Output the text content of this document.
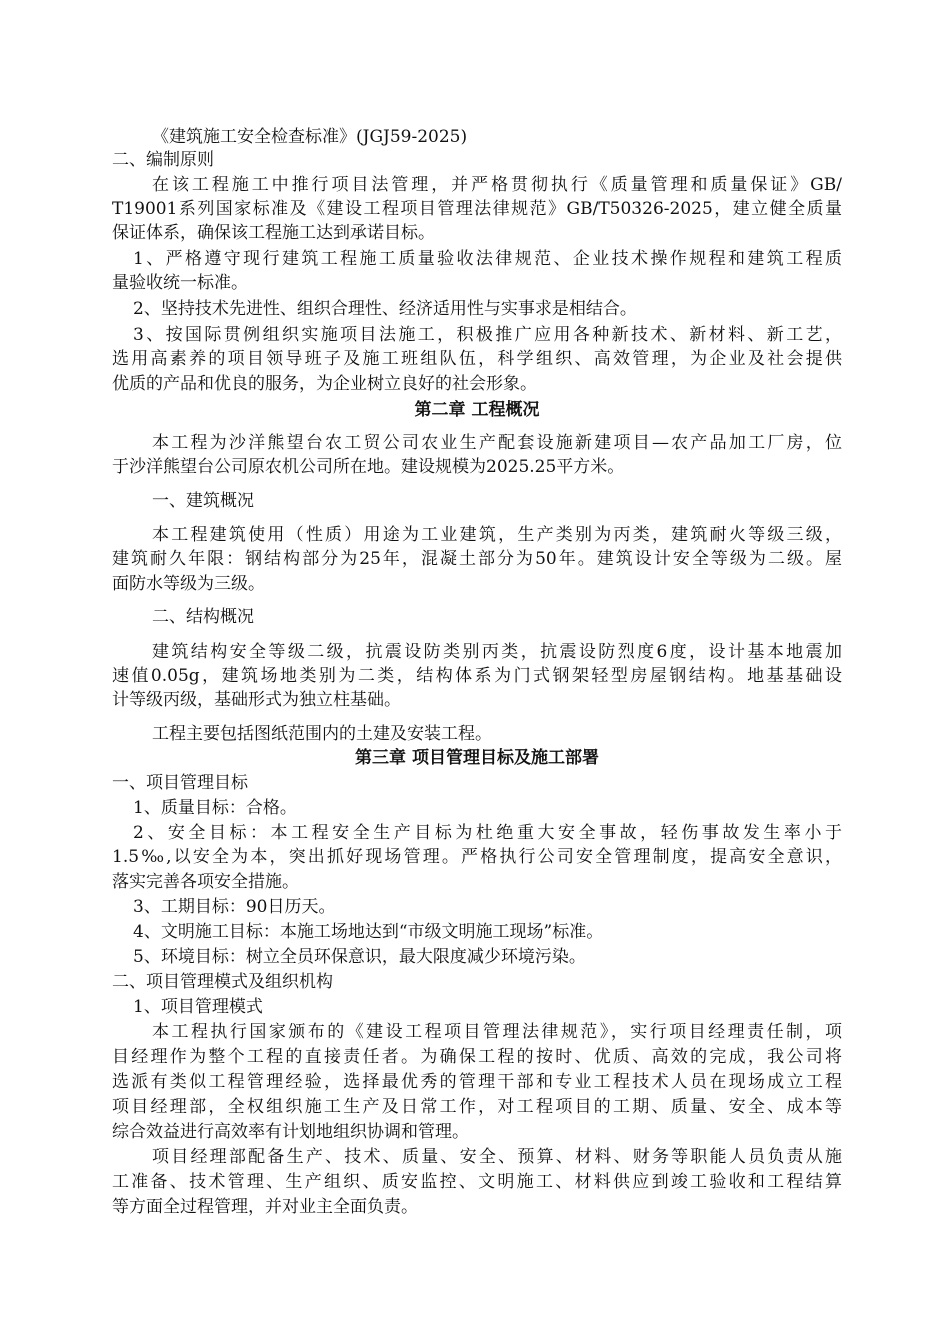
《建筑施工安全检查标准》(JGJ59-2025)
二、编制原则
在该工程施工中推行项目法管理，并严格贯彻执行《质量管理和质量保证》GB/
T19001系列国家标准及《建设工程项目管理法律规范》GB/T50326-2025，建立健全质量
保证体系，确保该工程施工达到承诺目标。
1、严格遵守现行建筑工程施工质量验收法律规范、企业技术操作规程和建筑工程质
量验收统一标准。
2、坚持技术先进性、组织合理性、经济适用性与实事求是相结合。
3、按国际贯例组织实施项目法施工，积极推广应用各种新技术、新材料、新工艺，
选用高素养的项目领导班子及施工班组队伍，科学组织、高效管理，为企业及社会提供
优质的产品和优良的服务，为企业树立良好的社会形象。
第二章 工程概况
本工程为沙洋熊望台农工贸公司农业生产配套设施新建项目—农产品加工厂房，位
于沙洋熊望台公司原农机公司所在地。建设规模为2025.25平方米。
一、建筑概况
本工程建筑使用（性质）用途为工业建筑，生产类别为丙类，建筑耐火等级三级，
建筑耐久年限：钢结构部分为25年，混凝土部分为50年。建筑设计安全等级为二级。屋
面防水等级为三级。
二、结构概况
建筑结构安全等级二级，抗震设防类别丙类，抗震设防烈度6度，设计基本地震加
速值0.05g，建筑场地类别为二类，结构体系为门式钢架轻型房屋钢结构。地基基础设
计等级丙级，基础形式为独立柱基础。
工程主要包括图纸范围内的土建及安装工程。
第三章 项目管理目标及施工部署
一、项目管理目标
1、质量目标：合格。
2、安全目标：本工程安全生产目标为杜绝重大安全事故，轻伤事故发生率小于
1.5‰,以安全为本，突出抓好现场管理。严格执行公司安全管理制度，提高安全意识，
落实完善各项安全措施。
3、工期目标：90日历天。
4、文明施工目标：本施工场地达到“市级文明施工现场”标准。
5、环境目标：树立全员环保意识，最大限度减少环境污染。
二、项目管理模式及组织机构
1、项目管理模式
本工程执行国家颁布的《建设工程项目管理法律规范》，实行项目经理责任制，项
目经理作为整个工程的直接责任者。为确保工程的按时、优质、高效的完成，我公司将
选派有类似工程管理经验，选择最优秀的管理干部和专业工程技术人员在现场成立工程
项目经理部，全权组织施工生产及日常工作，对工程项目的工期、质量、安全、成本等
综合效益进行高效率有计划地组织协调和管理。
项目经理部配备生产、技术、质量、安全、预算、材料、财务等职能人员负责从施
工准备、技术管理、生产组织、质安监控、文明施工、材料供应到竣工验收和工程结算
等方面全过程管理，并对业主全面负责。
